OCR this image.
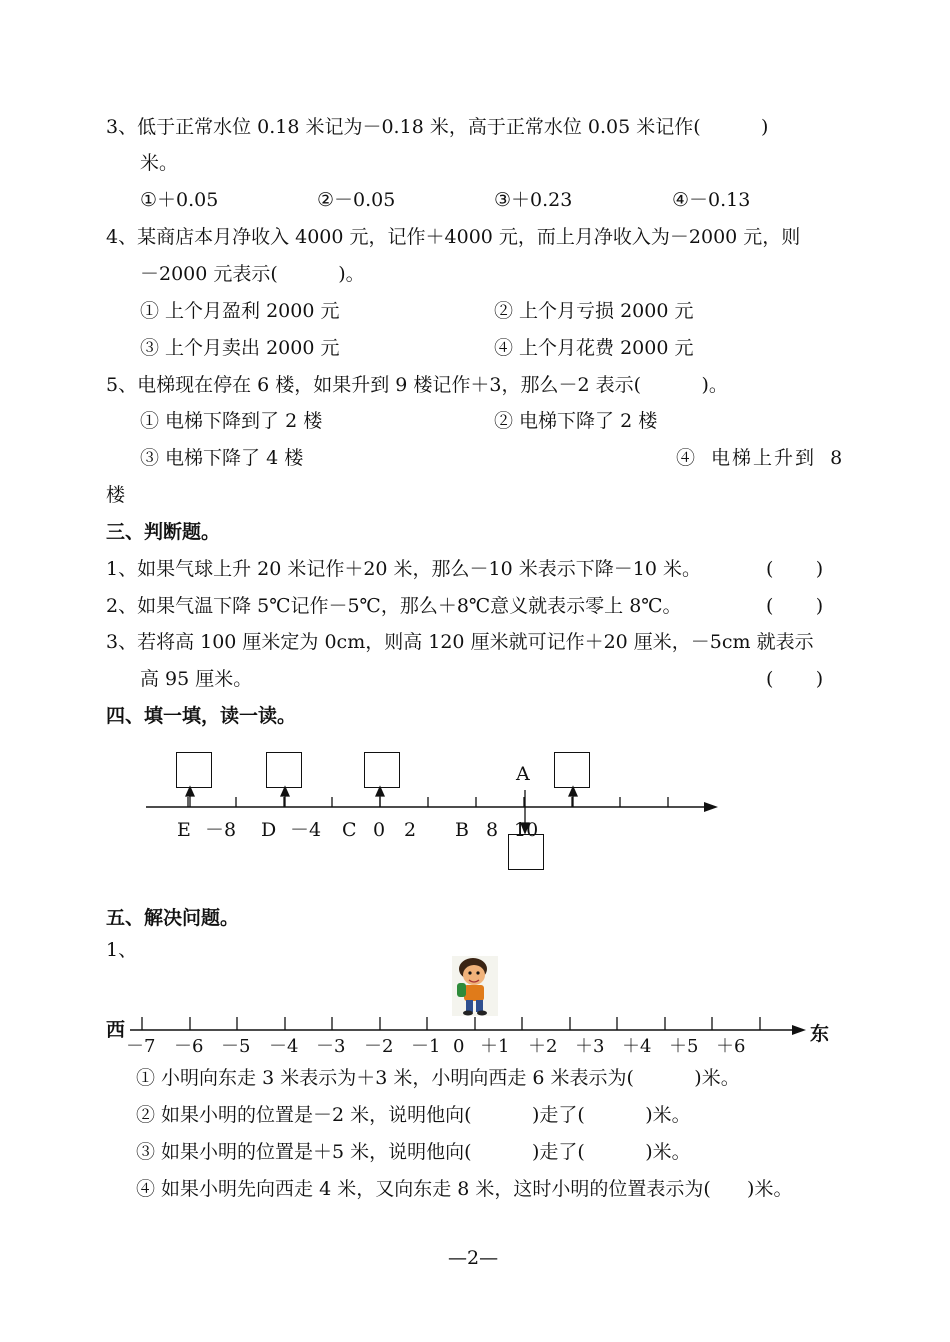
3、低于正常水位 0.18 米记为－0.18 米，高于正常水位 0.05 米记作(          )
米。
①＋0.05	②－0.05	③＋0.23	④－0.13
4、某商店本月净收入 4000 元，记作＋4000 元，而上月净收入为－2000 元，则
－2000 元表示(          )。
① 上个月盈利 2000 元	② 上个月亏损 2000 元
③ 上个月卖出 2000 元	④ 上个月花费 2000 元
5、电梯现在停在 6 楼，如果升到 9 楼记作＋3，那么－2 表示(          )。
① 电梯下降到了 2 楼	② 电梯下降了 2 楼
③ 电梯下降了 4 楼	④ 电梯上升到 8
楼
三、判断题。
1、如果气球上升 20 米记作＋20 米，那么－10 米表示下降－10 米。	(       )
2、如果气温下降 5℃记作－5℃，那么＋8℃意义就表示零上 8℃。	(       )
3、若将高 100 厘米定为 0cm，则高 120 厘米就可记作＋20 厘米，－5cm 就表示
高 95 厘米。	(       )
四、填一填，读一读。
A
E －8 D －4 C 0 2 B 8 10
五、解决问题。
1、
西	东
－7 －6 －5 －4 －3 －2 －1 0 ＋1 ＋2 ＋3 ＋4 ＋5 ＋6
① 小明向东走 3 米表示为＋3 米，小明向西走 6 米表示为(          )米。
② 如果小明的位置是－2 米，说明他向(          )走了(          )米。
③ 如果小明的位置是＋5 米，说明他向(          )走了(          )米。
④ 如果小明先向西走 4 米，又向东走 8 米，这时小明的位置表示为(      )米。
—2—
